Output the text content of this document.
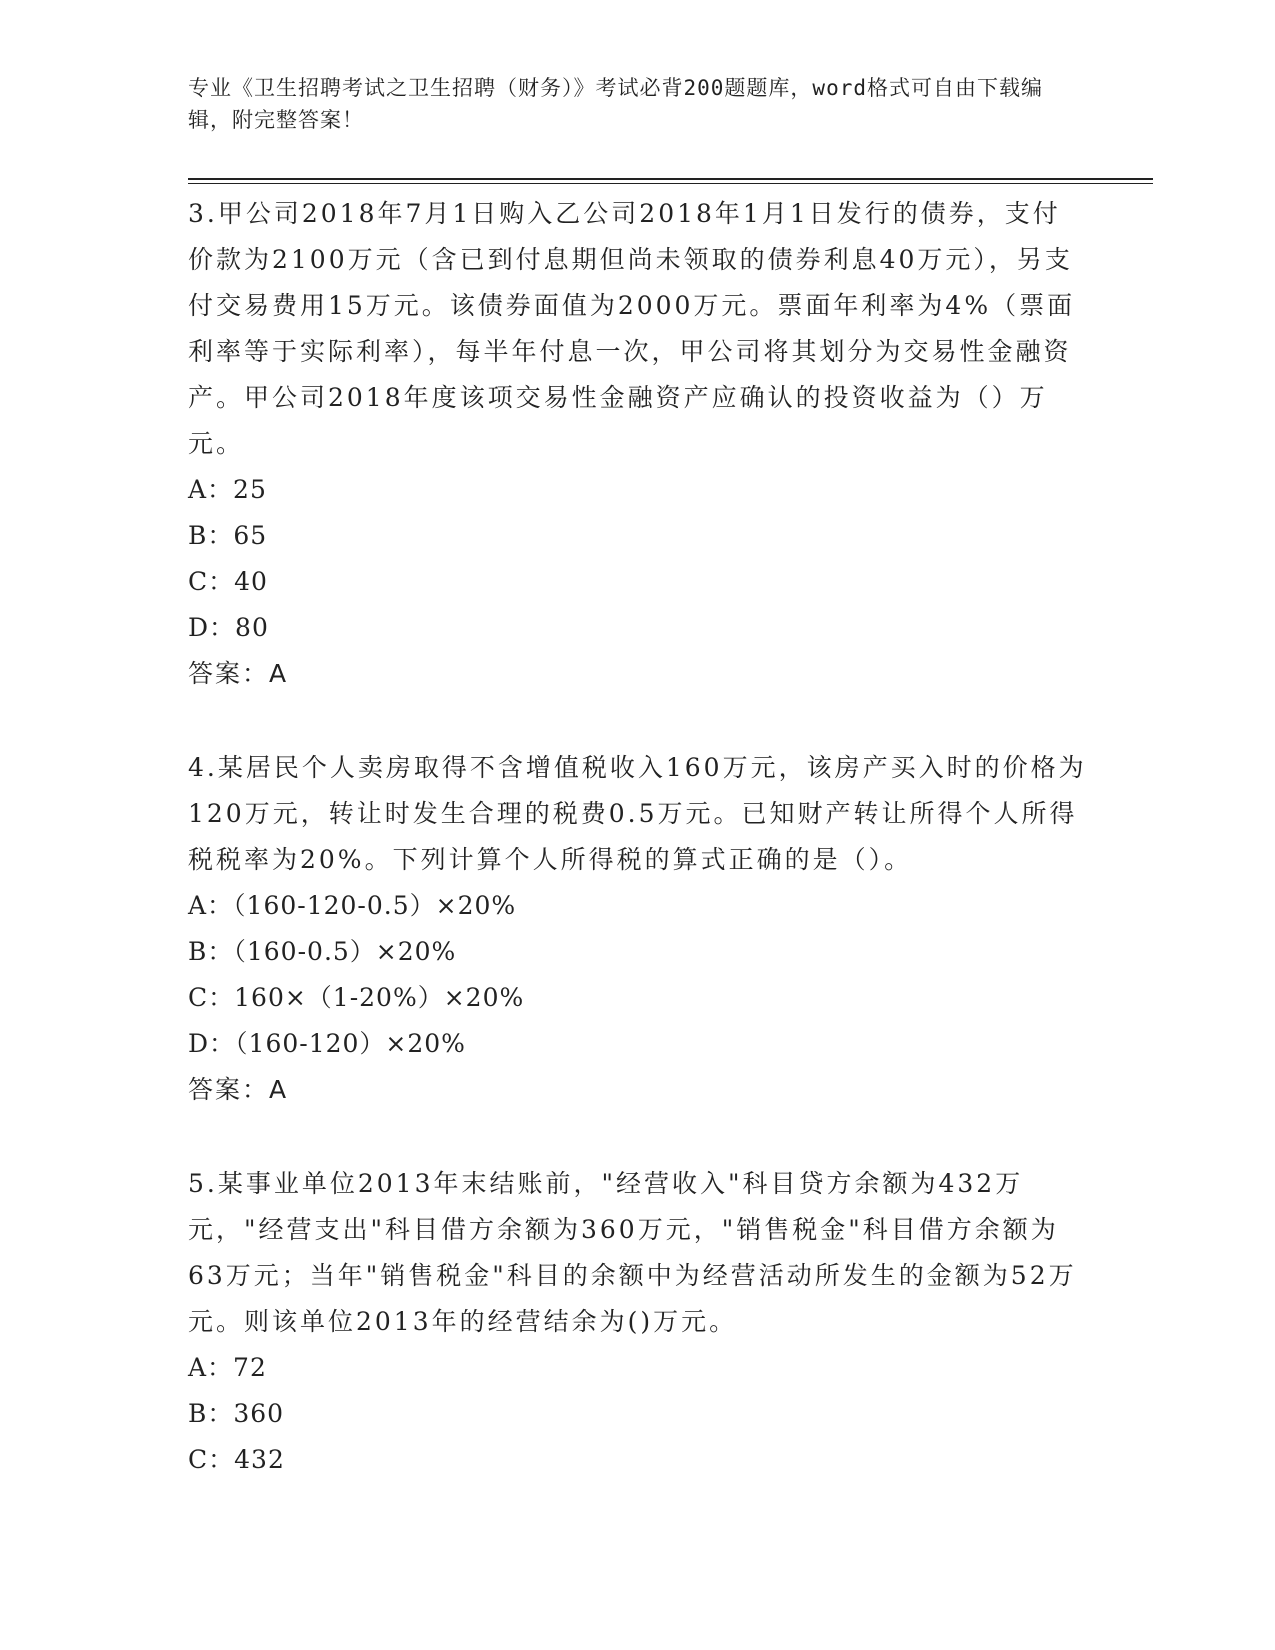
专业《卫生招聘考试之卫生招聘（财务）》考试必背200题题库，word格式可自由下载编辑，附完整答案！

3.甲公司2018年7月1日购入乙公司2018年1月1日发行的债券，支付价款为2100万元（含已到付息期但尚未领取的债券利息40万元），另支付交易费用15万元。该债券面值为2000万元。票面年利率为4%（票面利率等于实际利率），每半年付息一次，甲公司将其划分为交易性金融资产。甲公司2018年度该项交易性金融资产应确认的投资收益为（）万元。

A：25

B：65

C：40

D：80

答案：A

4.某居民个人卖房取得不含增值税收入160万元，该房产买入时的价格为120万元，转让时发生合理的税费0.5万元。已知财产转让所得个人所得税税率为20%。下列计算个人所得税的算式正确的是（）。

A：（160-120-0.5）×20%

B：（160-0.5）×20%

C：160×（1-20%）×20%

D：（160-120）×20%

答案：A

5.某事业单位2013年末结账前，"经营收入"科目贷方余额为432万元，"经营支出"科目借方余额为360万元，"销售税金"科目借方余额为63万元；当年"销售税金"科目的余额中为经营活动所发生的金额为52万元。则该单位2013年的经营结余为()万元。

A：72

B：360

C：432
